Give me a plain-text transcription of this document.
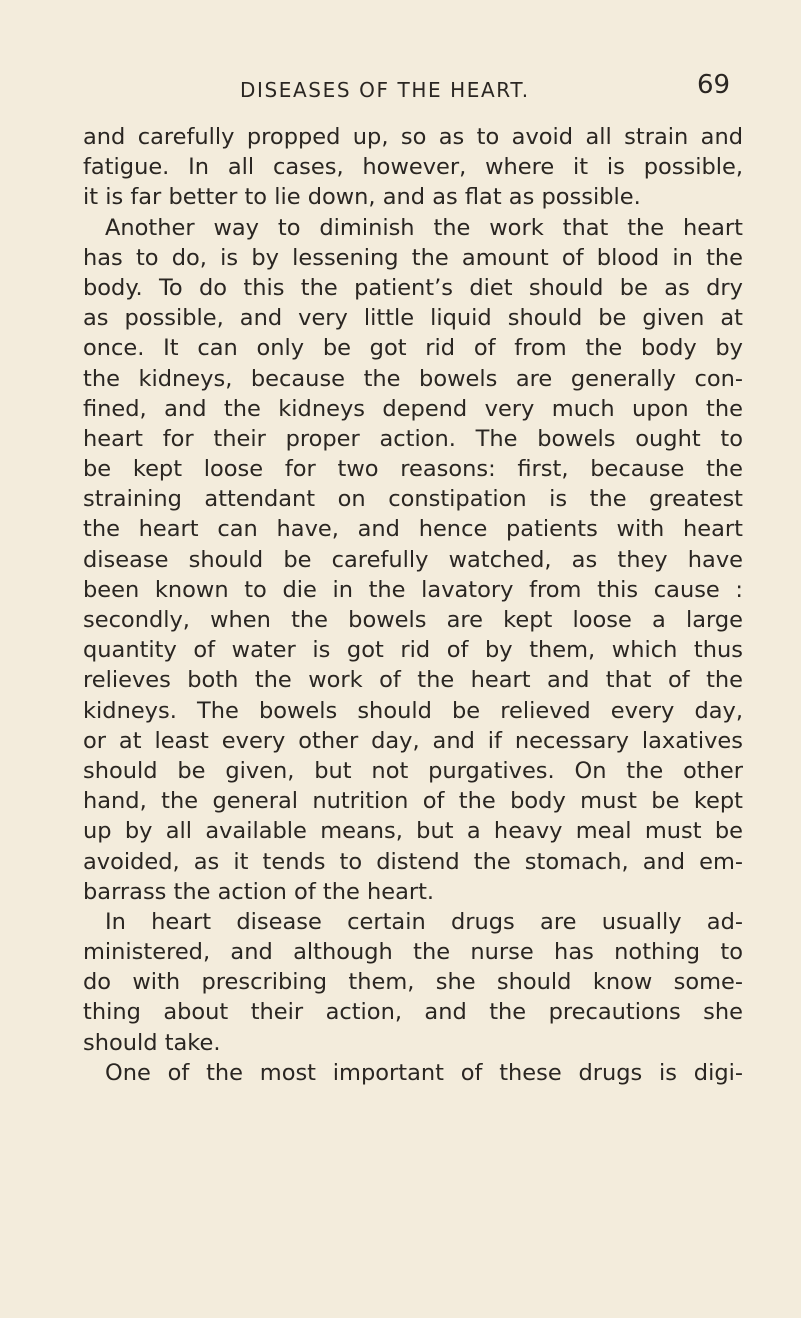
DISEASES OF THE HEART.	69
and carefully propped up, so as to avoid all strain and
fatigue. In all cases, however, where it is possible,
it is far better to lie down, and as flat as possible.
Another way to diminish the work that the heart
has to do, is by lessening the amount of blood in the
body. To do this the patient’s diet should be as dry
as possible, and very little liquid should be given at
once. It can only be got rid of from the body by
the kidneys, because the bowels are generally con-
fined, and the kidneys depend very much upon the
heart for their proper action. The bowels ought to
be kept loose for two reasons: first, because the
straining attendant on constipation is the greatest
the heart can have, and hence patients with heart
disease should be carefully watched, as they have
been known to die in the lavatory from this cause :
secondly, when the bowels are kept loose a large
quantity of water is got rid of by them, which thus
relieves both the work of the heart and that of the
kidneys. The bowels should be relieved every day,
or at least every other day, and if necessary laxatives
should be given, but not purgatives. On the other
hand, the general nutrition of the body must be kept
up by all available means, but a heavy meal must be
avoided, as it tends to distend the stomach, and em-
barrass the action of the heart.
In heart disease certain drugs are usually ad-
ministered, and although the nurse has nothing to
do with prescribing them, she should know some-
thing about their action, and the precautions she
should take.
One of the most important of these drugs is digi-
